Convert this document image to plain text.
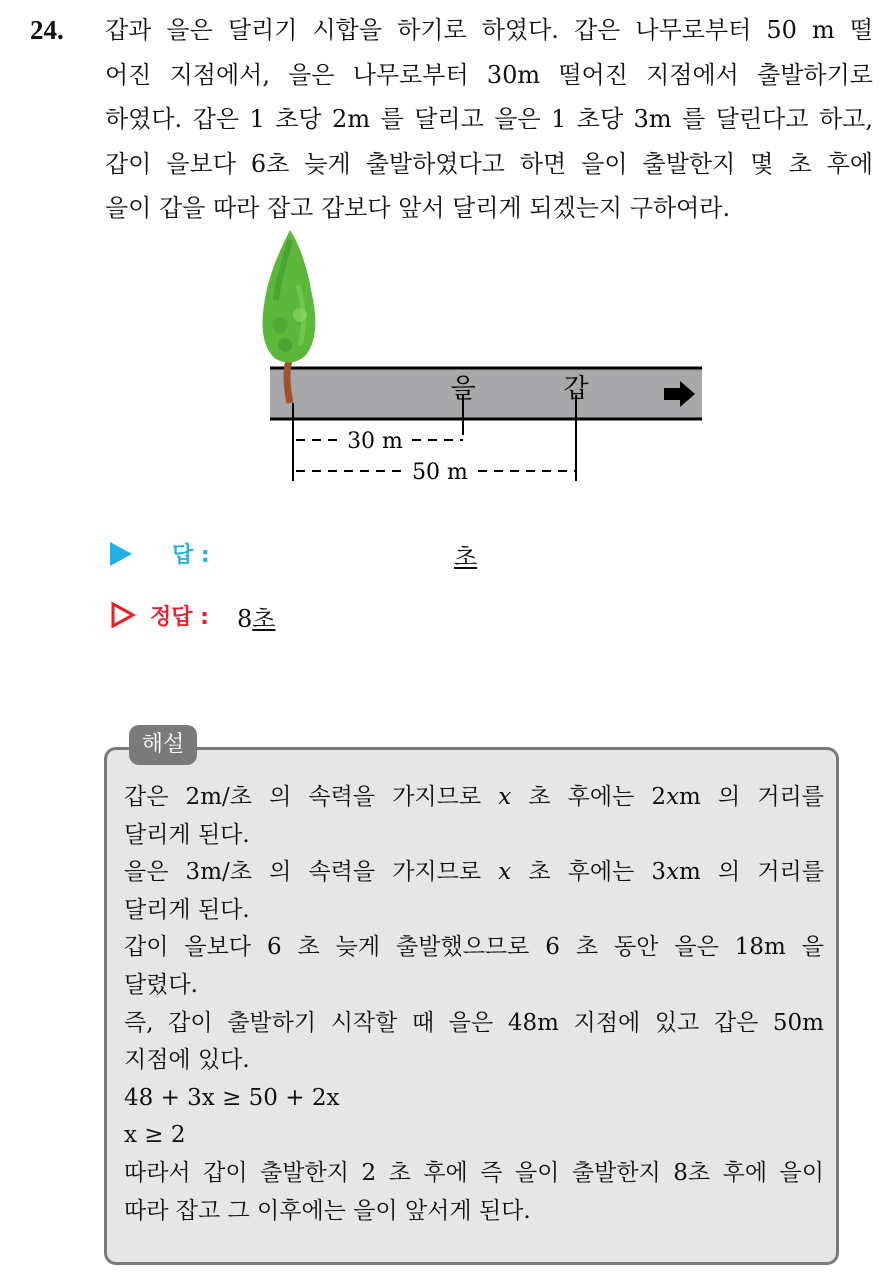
24. 갑과 을은 달리기 시합을 하기로 하였다. 갑은 나무로부터 50 m 떨
어진 지점에서, 을은 나무로부터 30m 떨어진 지점에서 출발하기로
하였다. 갑은 1 초당 2m 를 달리고 을은 1 초당 3m 를 달린다고 하고,
갑이 을보다 6초 늦게 출발하였다고 하면 을이 출발한지 몇 초 후에
을이 갑을 따라 잡고 갑보다 앞서 달리게 되겠는지 구하여라.
을	갑
30 m
50 m
답 :	초
정답 : 8초
해설
갑은 2m/초 의 속력을 가지므로 x 초 후에는 2xm 의 거리를
달리게 된다.
을은 3m/초 의 속력을 가지므로 x 초 후에는 3xm 의 거리를
달리게 된다.
갑이 을보다 6 초 늦게 출발했으므로 6 초 동안 을은 18m 을
달렸다.
즉, 갑이 출발하기 시작할 때 을은 48m 지점에 있고 갑은 50m
지점에 있다.
48 + 3x ≥ 50 + 2x
x ≥ 2
따라서 갑이 출발한지 2 초 후에 즉 을이 출발한지 8초 후에 을이
따라 잡고 그 이후에는 을이 앞서게 된다.
